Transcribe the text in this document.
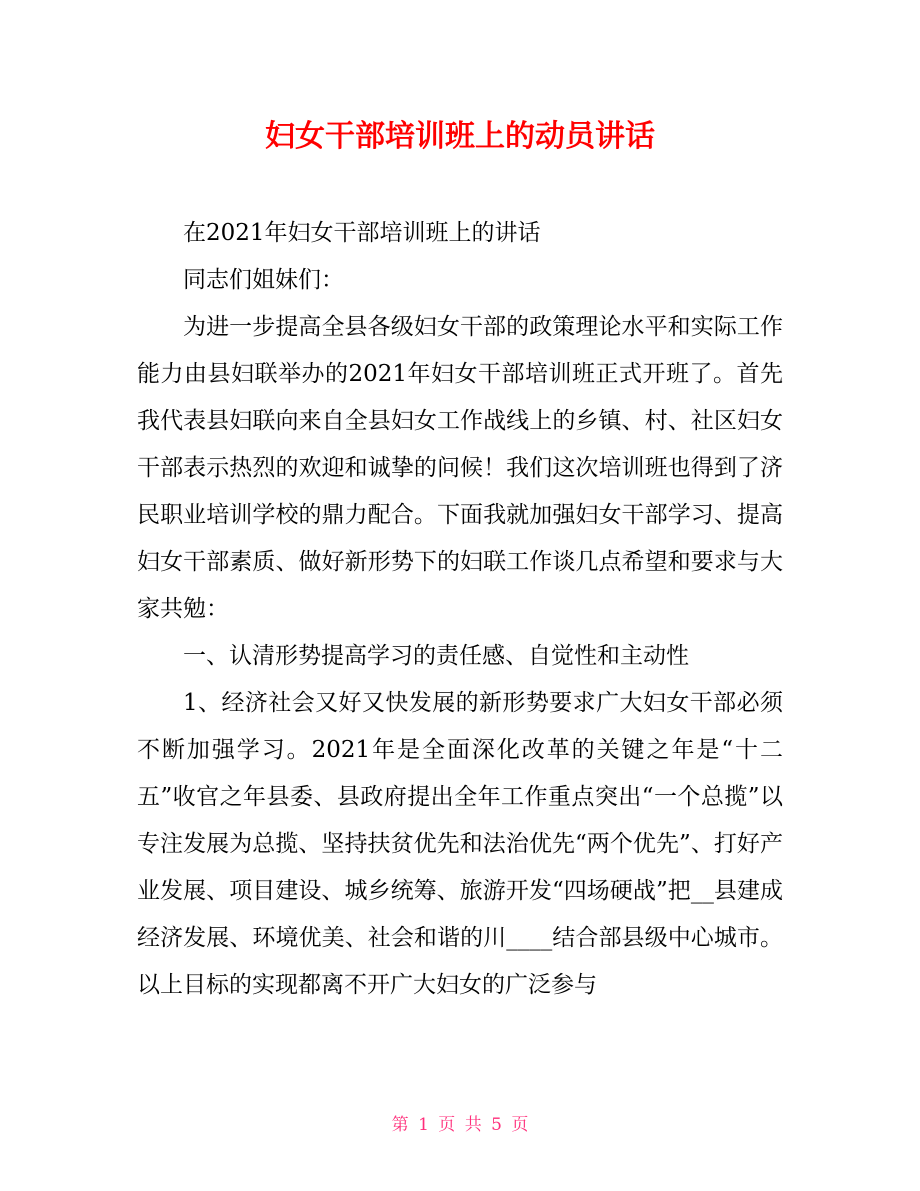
妇女干部培训班上的动员讲话

在2021年妇女干部培训班上的讲话

同志们姐妹们：

为进一步提高全县各级妇女干部的政策理论水平和实际工作能力由县妇联举办的2021年妇女干部培训班正式开班了。首先我代表县妇联向来自全县妇女工作战线上的乡镇、村、社区妇女干部表示热烈的欢迎和诚挚的问候！我们这次培训班也得到了济民职业培训学校的鼎力配合。下面我就加强妇女干部学习、提高妇女干部素质、做好新形势下的妇联工作谈几点希望和要求与大家共勉：

一、认清形势提高学习的责任感、自觉性和主动性

1、经济社会又好又快发展的新形势要求广大妇女干部必须不断加强学习。2021年是全面深化改革的关键之年是“十二五”收官之年县委、县政府提出全年工作重点突出“一个总揽”以专注发展为总揽、坚持扶贫优先和法治优先“两个优先”、打好产业发展、项目建设、城乡统筹、旅游开发“四场硬战”把__县建成经济发展、环境优美、社会和谐的川____结合部县级中心城市。以上目标的实现都离不开广大妇女的广泛参与

第 1 页 共 5 页
